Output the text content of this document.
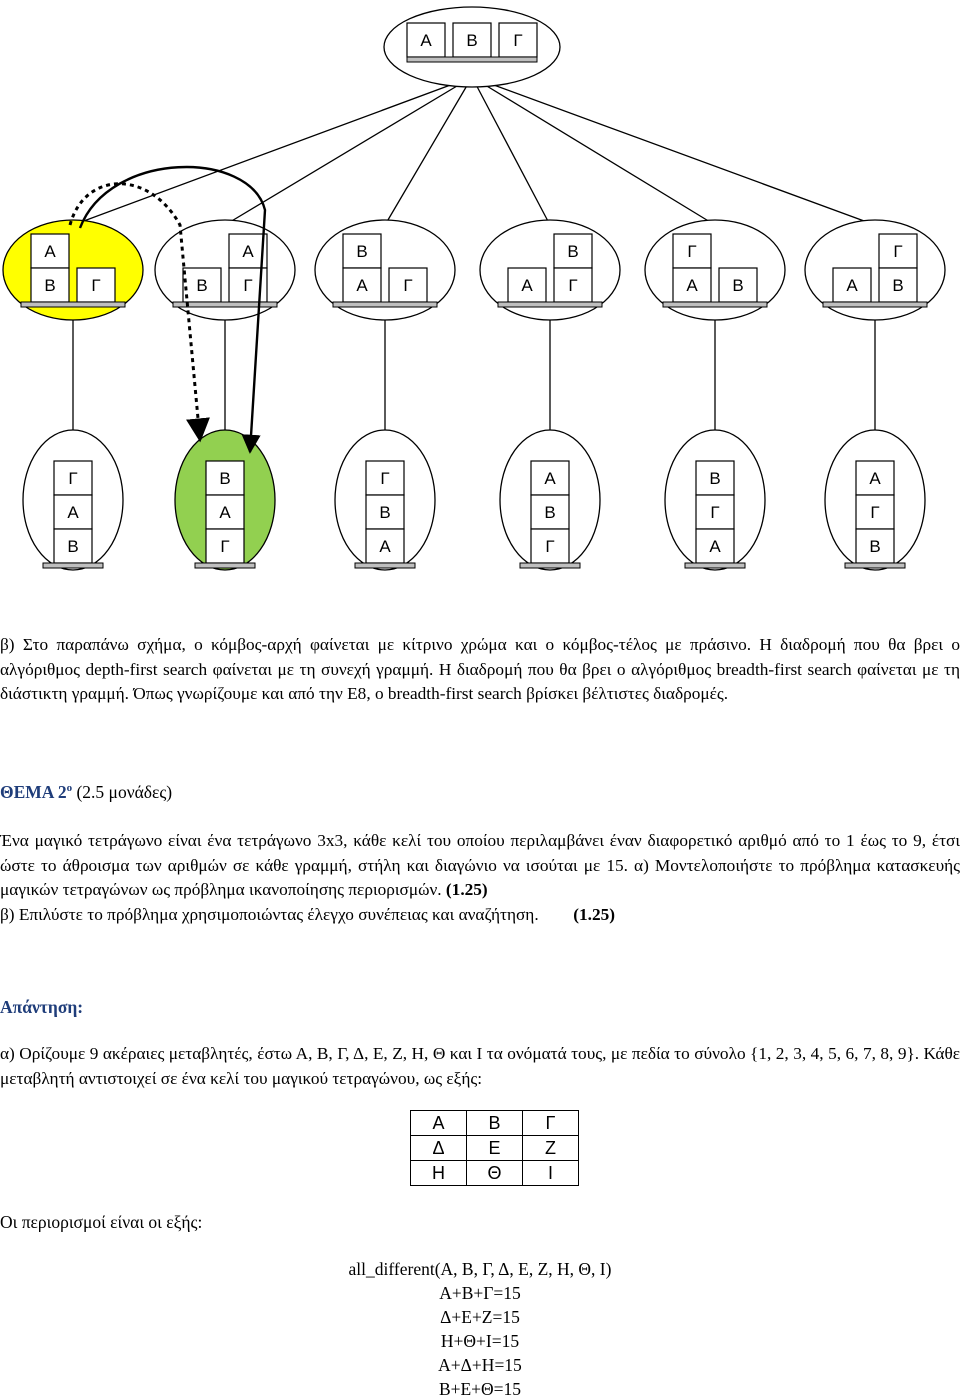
Α Β Γ
Α
Β Γ	Β
Α
Γ
Β
Α Γ	Α
Β
Γ
Γ
Α Β	Α
Γ
Β
Γ
Α
Β
Β
Α
Γ
Γ
Β
Α
Α
Β
Γ
Β
Γ
Α
Α
Γ
Β

β) Στο παραπάνω σχήμα, ο κόμβος-αρχή φαίνεται με κίτρινο χρώμα και ο κόμβος-τέλος με πράσινο. Η διαδρομή που θα βρει ο αλγόριθμος depth-first search φαίνεται με τη συνεχή γραμμή. Η διαδρομή που θα βρει ο αλγόριθμος breadth-first search φαίνεται με τη διάστικτη γραμμή. Όπως γνωρίζουμε και από την Ε8, ο breadth-first search βρίσκει βέλτιστες διαδρομές.

ΘΕΜΑ $2^o$ (2.5 μονάδες)

Ένα μαγικό τετράγωνο είναι ένα τετράγωνο 3x3, κάθε κελί του οποίου περιλαμβάνει έναν διαφορετικό αριθμό από το 1 έως το 9, έτσι ώστε το άθροισμα των αριθμών σε κάθε γραμμή, στήλη και διαγώνιο να ισούται με 15. α) Μοντελοποιήστε το πρόβλημα κατασκευής μαγικών τετραγώνων ως πρόβλημα ικανοποίησης περιορισμών. (1.25)
β) Επιλύστε το πρόβλημα χρησιμοποιώντας έλεγχο συνέπειας και αναζήτηση. (1.25)

Απάντηση:

α) Ορίζουμε 9 ακέραιες μεταβλητές, έστω Α, Β, Γ, Δ, Ε, Ζ, Η, Θ και Ι τα ονόματά τους, με πεδία το σύνολο {1, 2, 3, 4, 5, 6, 7, 8, 9}. Κάθε μεταβλητή αντιστοιχεί σε ένα κελί του μαγικού τετραγώνου, ως εξής:

Α	Β	Γ
Δ	Ε	Ζ
Η	Θ	Ι
Οι περιορισμοί είναι οι εξής:
all_different(Α, Β, Γ, Δ, Ε, Ζ, Η, Θ, Ι)
Α+Β+Γ=15
Δ+Ε+Ζ=15
Η+Θ+Ι=15
Α+Δ+Η=15
Β+Ε+Θ=15
